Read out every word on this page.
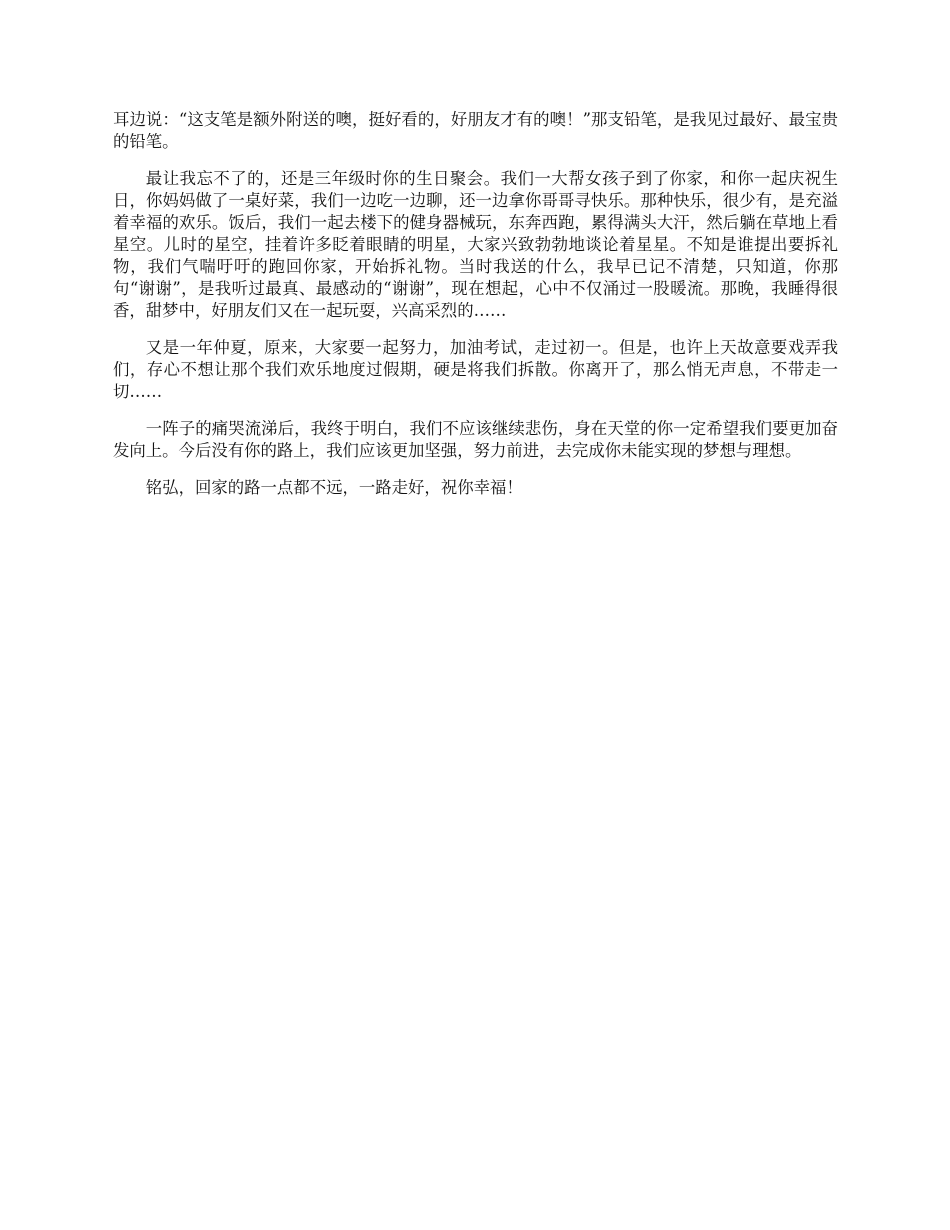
耳边说：“这支笔是额外附送的噢，挺好看的，好朋友才有的噢！”那支铅笔，是我见过最好、最宝贵的铅笔。

最让我忘不了的，还是三年级时你的生日聚会。我们一大帮女孩子到了你家，和你一起庆祝生日，你妈妈做了一桌好菜，我们一边吃一边聊，还一边拿你哥哥寻快乐。那种快乐，很少有，是充溢着幸福的欢乐。饭后，我们一起去楼下的健身器械玩，东奔西跑，累得满头大汗，然后躺在草地上看星空。儿时的星空，挂着许多眨着眼睛的明星，大家兴致勃勃地谈论着星星。不知是谁提出要拆礼物，我们气喘吁吁的跑回你家，开始拆礼物。当时我送的什么，我早已记不清楚，只知道，你那句“谢谢”，是我听过最真、最感动的“谢谢”，现在想起，心中不仅涌过一股暖流。那晚，我睡得很香，甜梦中，好朋友们又在一起玩耍，兴高采烈的……

又是一年仲夏，原来，大家要一起努力，加油考试，走过初一。但是，也许上天故意要戏弄我们，存心不想让那个我们欢乐地度过假期，硬是将我们拆散。你离开了，那么悄无声息，不带走一切……

一阵子的痛哭流涕后，我终于明白，我们不应该继续悲伤，身在天堂的你一定希望我们要更加奋发向上。今后没有你的路上，我们应该更加坚强，努力前进，去完成你未能实现的梦想与理想。

铭弘，回家的路一点都不远，一路走好，祝你幸福！
